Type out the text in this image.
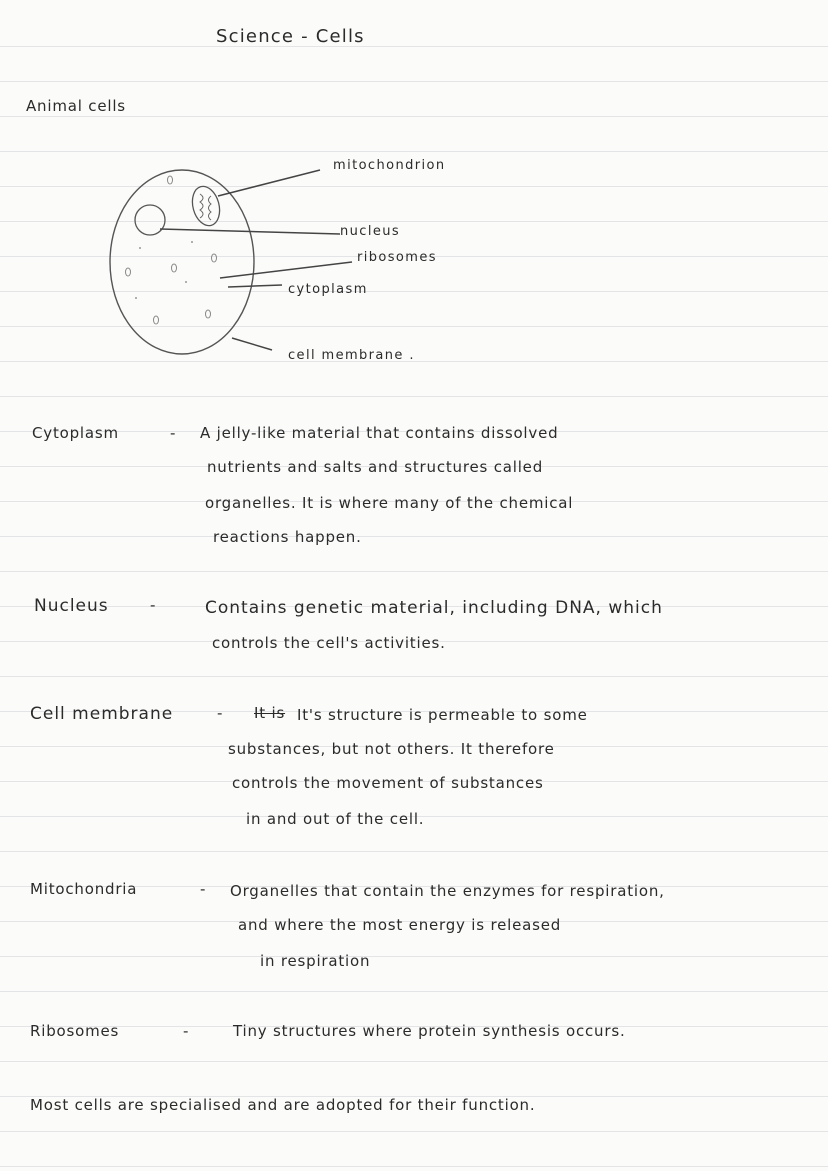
Science - Cells
Animal cells
mitochondrion
nucleus
ribosomes
cytoplasm
cell membrane .
Cytoplasm	- A jelly-like material that contains dissolved
nutrients and salts and structures called
organelles. It is where many of the chemical
reactions happen.
Nucleus	-	Contains genetic material, including DNA, which
controls the cell's activities.
Cell membrane	- It is It's structure is permeable to some
substances, but not others. It therefore
controls the movement of substances
in and out of the cell.
Mitochondria	- Organelles that contain the enzymes for respiration,
and where the most energy is released
in respiration
Ribosomes	-	Tiny structures where protein synthesis occurs.
Most cells are specialised and are adopted for their function.
